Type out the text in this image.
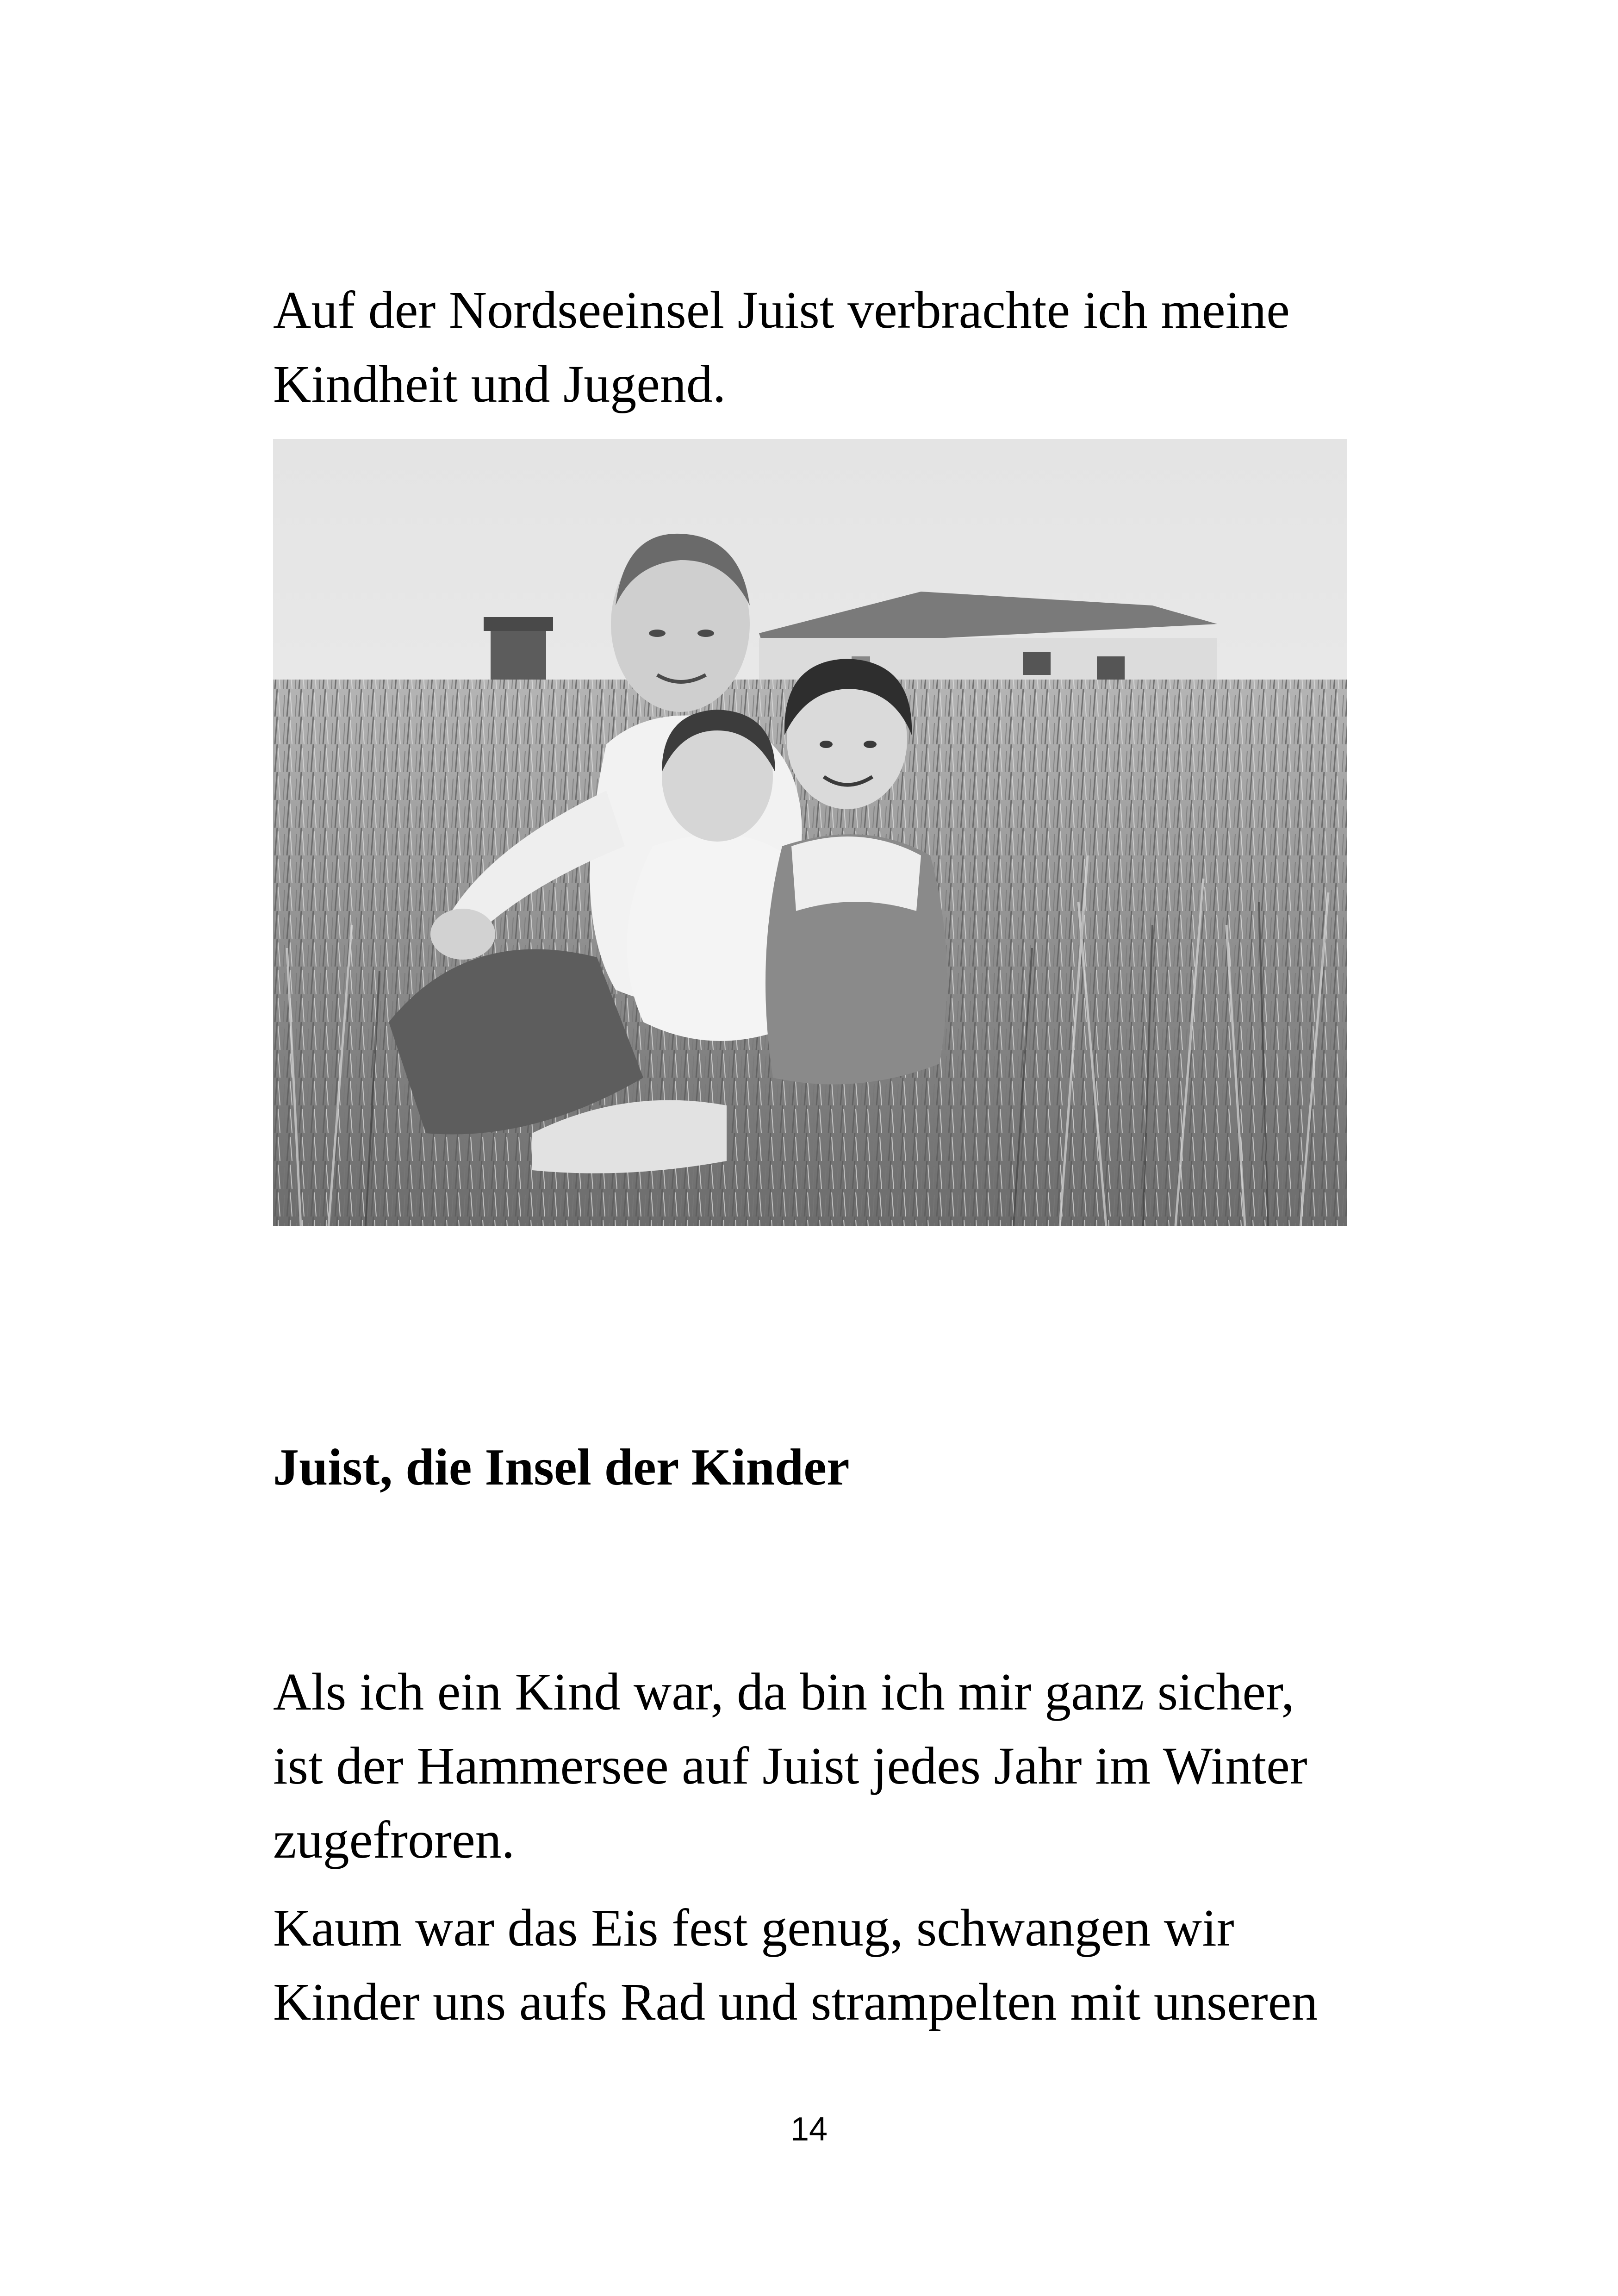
Auf der Nordseeinsel Juist verbrachte ich meine
Kindheit und Jugend.

Juist, die Insel der Kinder

Als ich ein Kind war, da bin ich mir ganz sicher,
ist der Hammersee auf Juist jedes Jahr im Winter
zugefroren.

Kaum war das Eis fest genug, schwangen wir
Kinder uns aufs Rad und strampelten mit unseren

14
